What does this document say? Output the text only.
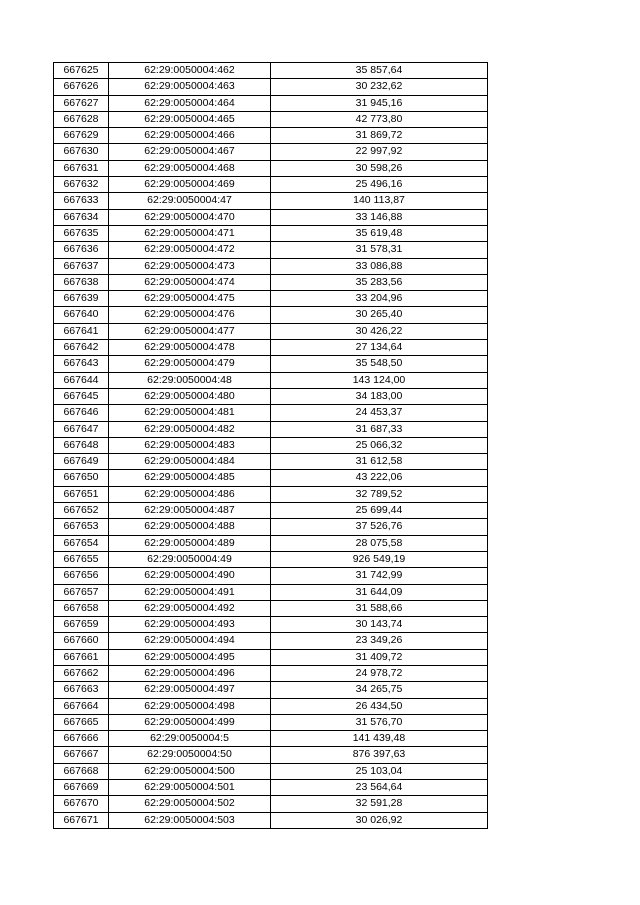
667625	62:29:0050004:462	35 857,64
667626	62:29:0050004:463	30 232,62
667627	62:29:0050004:464	31 945,16
667628	62:29:0050004:465	42 773,80
667629	62:29:0050004:466	31 869,72
667630	62:29:0050004:467	22 997,92
667631	62:29:0050004:468	30 598,26
667632	62:29:0050004:469	25 496,16
667633	62:29:0050004:47	140 113,87
667634	62:29:0050004:470	33 146,88
667635	62:29:0050004:471	35 619,48
667636	62:29:0050004:472	31 578,31
667637	62:29:0050004:473	33 086,88
667638	62:29:0050004:474	35 283,56
667639	62:29:0050004:475	33 204,96
667640	62:29:0050004:476	30 265,40
667641	62:29:0050004:477	30 426,22
667642	62:29:0050004:478	27 134,64
667643	62:29:0050004:479	35 548,50
667644	62:29:0050004:48	143 124,00
667645	62:29:0050004:480	34 183,00
667646	62:29:0050004:481	24 453,37
667647	62:29:0050004:482	31 687,33
667648	62:29:0050004:483	25 066,32
667649	62:29:0050004:484	31 612,58
667650	62:29:0050004:485	43 222,06
667651	62:29:0050004:486	32 789,52
667652	62:29:0050004:487	25 699,44
667653	62:29:0050004:488	37 526,76
667654	62:29:0050004:489	28 075,58
667655	62:29:0050004:49	926 549,19
667656	62:29:0050004:490	31 742,99
667657	62:29:0050004:491	31 644,09
667658	62:29:0050004:492	31 588,66
667659	62:29:0050004:493	30 143,74
667660	62:29:0050004:494	23 349,26
667661	62:29:0050004:495	31 409,72
667662	62:29:0050004:496	24 978,72
667663	62:29:0050004:497	34 265,75
667664	62:29:0050004:498	26 434,50
667665	62:29:0050004:499	31 576,70
667666	62:29:0050004:5	141 439,48
667667	62:29:0050004:50	876 397,63
667668	62:29:0050004:500	25 103,04
667669	62:29:0050004:501	23 564,64
667670	62:29:0050004:502	32 591,28
667671	62:29:0050004:503	30 026,92
